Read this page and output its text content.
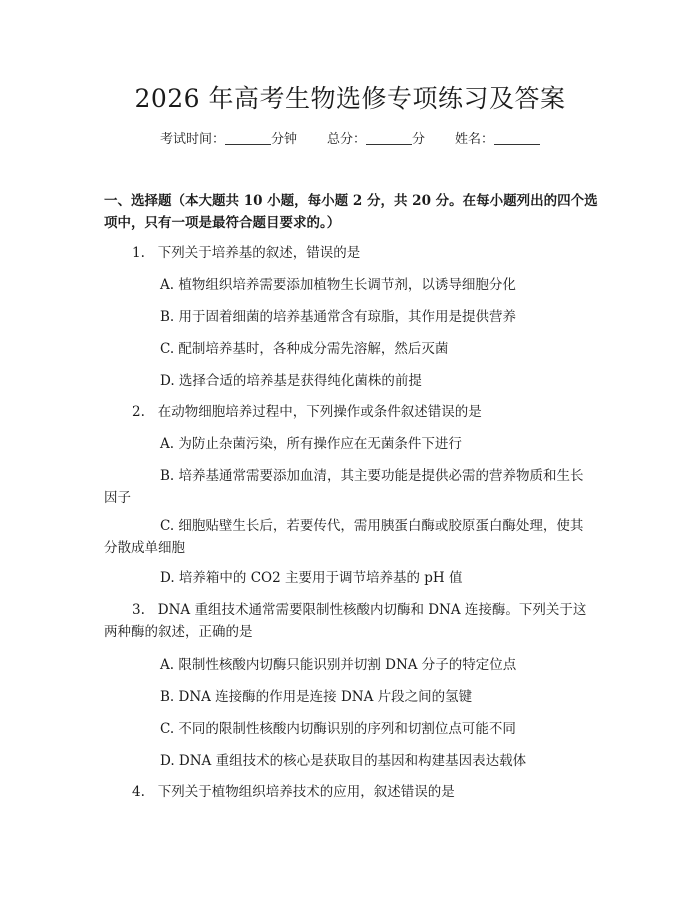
2026 年高考生物选修专项练习及答案
考试时间：	分钟 总分：	分 姓名：
一、选择题（本大题共 10 小题，每小题 2 分，共 20 分。在每小题列出的四个选项中，只有一项是最符合题目要求的。）
1. 下列关于培养基的叙述，错误的是
A. 植物组织培养需要添加植物生长调节剂，以诱导细胞分化
B. 用于固着细菌的培养基通常含有琼脂，其作用是提供营养
C. 配制培养基时，各种成分需先溶解，然后灭菌
D. 选择合适的培养基是获得纯化菌株的前提
2. 在动物细胞培养过程中，下列操作或条件叙述错误的是
A. 为防止杂菌污染，所有操作应在无菌条件下进行
B. 培养基通常需要添加血清，其主要功能是提供必需的营养物质和生长因子
C. 细胞贴壁生长后，若要传代，需用胰蛋白酶或胶原蛋白酶处理，使其分散成单细胞
D. 培养箱中的 CO2 主要用于调节培养基的 pH 值
3. DNA 重组技术通常需要限制性核酸内切酶和 DNA 连接酶。下列关于这两种酶的叙述，正确的是
A. 限制性核酸内切酶只能识别并切割 DNA 分子的特定位点
B. DNA 连接酶的作用是连接 DNA 片段之间的氢键
C. 不同的限制性核酸内切酶识别的序列和切割位点可能不同
D. DNA 重组技术的核心是获取目的基因和构建基因表达载体
4. 下列关于植物组织培养技术的应用，叙述错误的是
